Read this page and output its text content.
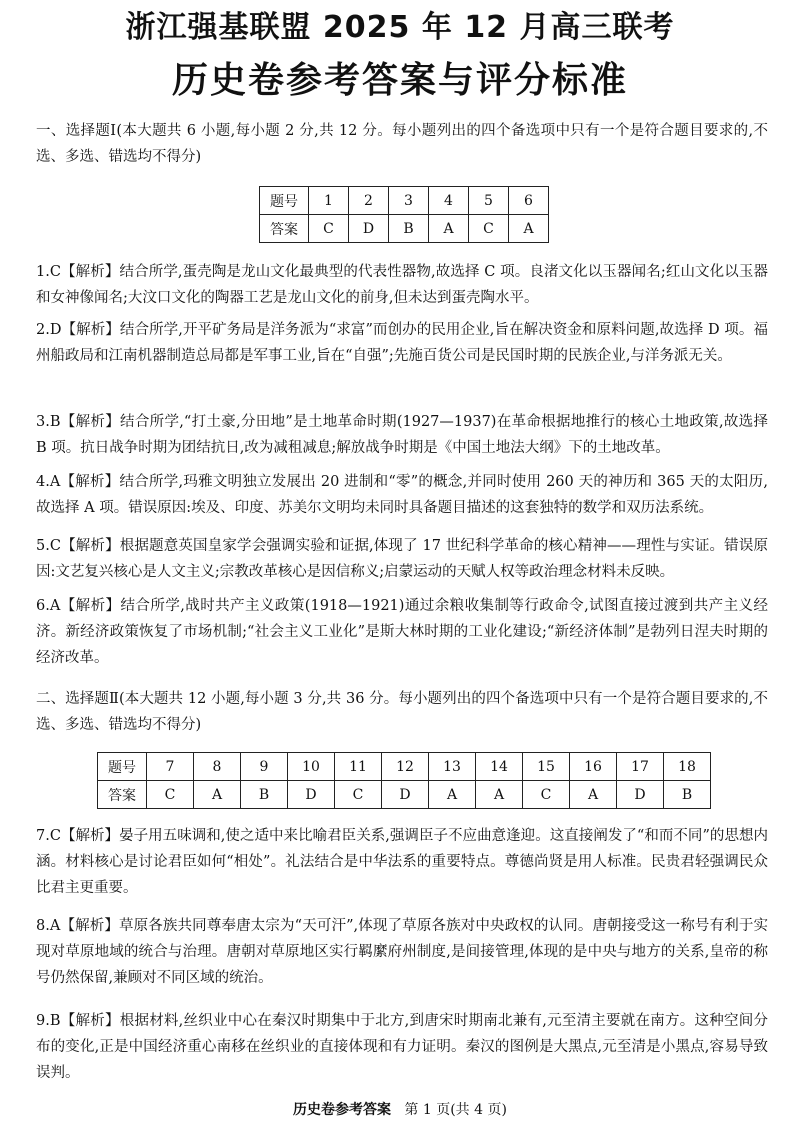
浙江强基联盟 2025 年 12 月高三联考
历史卷参考答案与评分标准

一、选择题Ⅰ(本大题共 6 小题,每小题 2 分,共 12 分。每小题列出的四个备选项中只有一个是符合题目要求的,不选、多选、错选均不得分)

题号	1	2	3	4	5	6
答案	C	D	B	A	C	A

1.C【解析】结合所学,蛋壳陶是龙山文化最典型的代表性器物,故选择 C 项。良渚文化以玉器闻名;红山文化以玉器和女神像闻名;大汶口文化的陶器工艺是龙山文化的前身,但未达到蛋壳陶水平。

2.D【解析】结合所学,开平矿务局是洋务派为“求富”而创办的民用企业,旨在解决资金和原料问题,故选择 D 项。福州船政局和江南机器制造总局都是军事工业,旨在“自强”;先施百货公司是民国时期的民族企业,与洋务派无关。

3.B【解析】结合所学,“打土豪,分田地”是土地革命时期(1927—1937)在革命根据地推行的核心土地政策,故选择 B 项。抗日战争时期为团结抗日,改为减租减息;解放战争时期是《中国土地法大纲》下的土地改革。

4.A【解析】结合所学,玛雅文明独立发展出 20 进制和“零”的概念,并同时使用 260 天的神历和 365 天的太阳历,故选择 A 项。错误原因:埃及、印度、苏美尔文明均未同时具备题目描述的这套独特的数学和双历法系统。

5.C【解析】根据题意英国皇家学会强调实验和证据,体现了 17 世纪科学革命的核心精神——理性与实证。错误原因:文艺复兴核心是人文主义;宗教改革核心是因信称义;启蒙运动的天赋人权等政治理念材料未反映。

6.A【解析】结合所学,战时共产主义政策(1918—1921)通过余粮收集制等行政命令,试图直接过渡到共产主义经济。新经济政策恢复了市场机制;“社会主义工业化”是斯大林时期的工业化建设;“新经济体制”是勃列日涅夫时期的经济改革。

二、选择题Ⅱ(本大题共 12 小题,每小题 3 分,共 36 分。每小题列出的四个备选项中只有一个是符合题目要求的,不选、多选、错选均不得分)

题号	7	8	9	10	11	12	13	14	15	16	17	18
答案	C	A	B	D	C	D	A	A	C	A	D	B

7.C【解析】晏子用五味调和,使之适中来比喻君臣关系,强调臣子不应曲意逢迎。这直接阐发了“和而不同”的思想内涵。材料核心是讨论君臣如何“相处”。礼法结合是中华法系的重要特点。尊德尚贤是用人标准。民贵君轻强调民众比君主更重要。

8.A【解析】草原各族共同尊奉唐太宗为“天可汗”,体现了草原各族对中央政权的认同。唐朝接受这一称号有利于实现对草原地域的统合与治理。唐朝对草原地区实行羁縻府州制度,是间接管理,体现的是中央与地方的关系,皇帝的称号仍然保留,兼顾对不同区域的统治。

9.B【解析】根据材料,丝织业中心在秦汉时期集中于北方,到唐宋时期南北兼有,元至清主要就在南方。这种空间分布的变化,正是中国经济重心南移在丝织业的直接体现和有力证明。秦汉的图例是大黑点,元至清是小黑点,容易导致误判。

历史卷参考答案 第 1 页(共 4 页)
